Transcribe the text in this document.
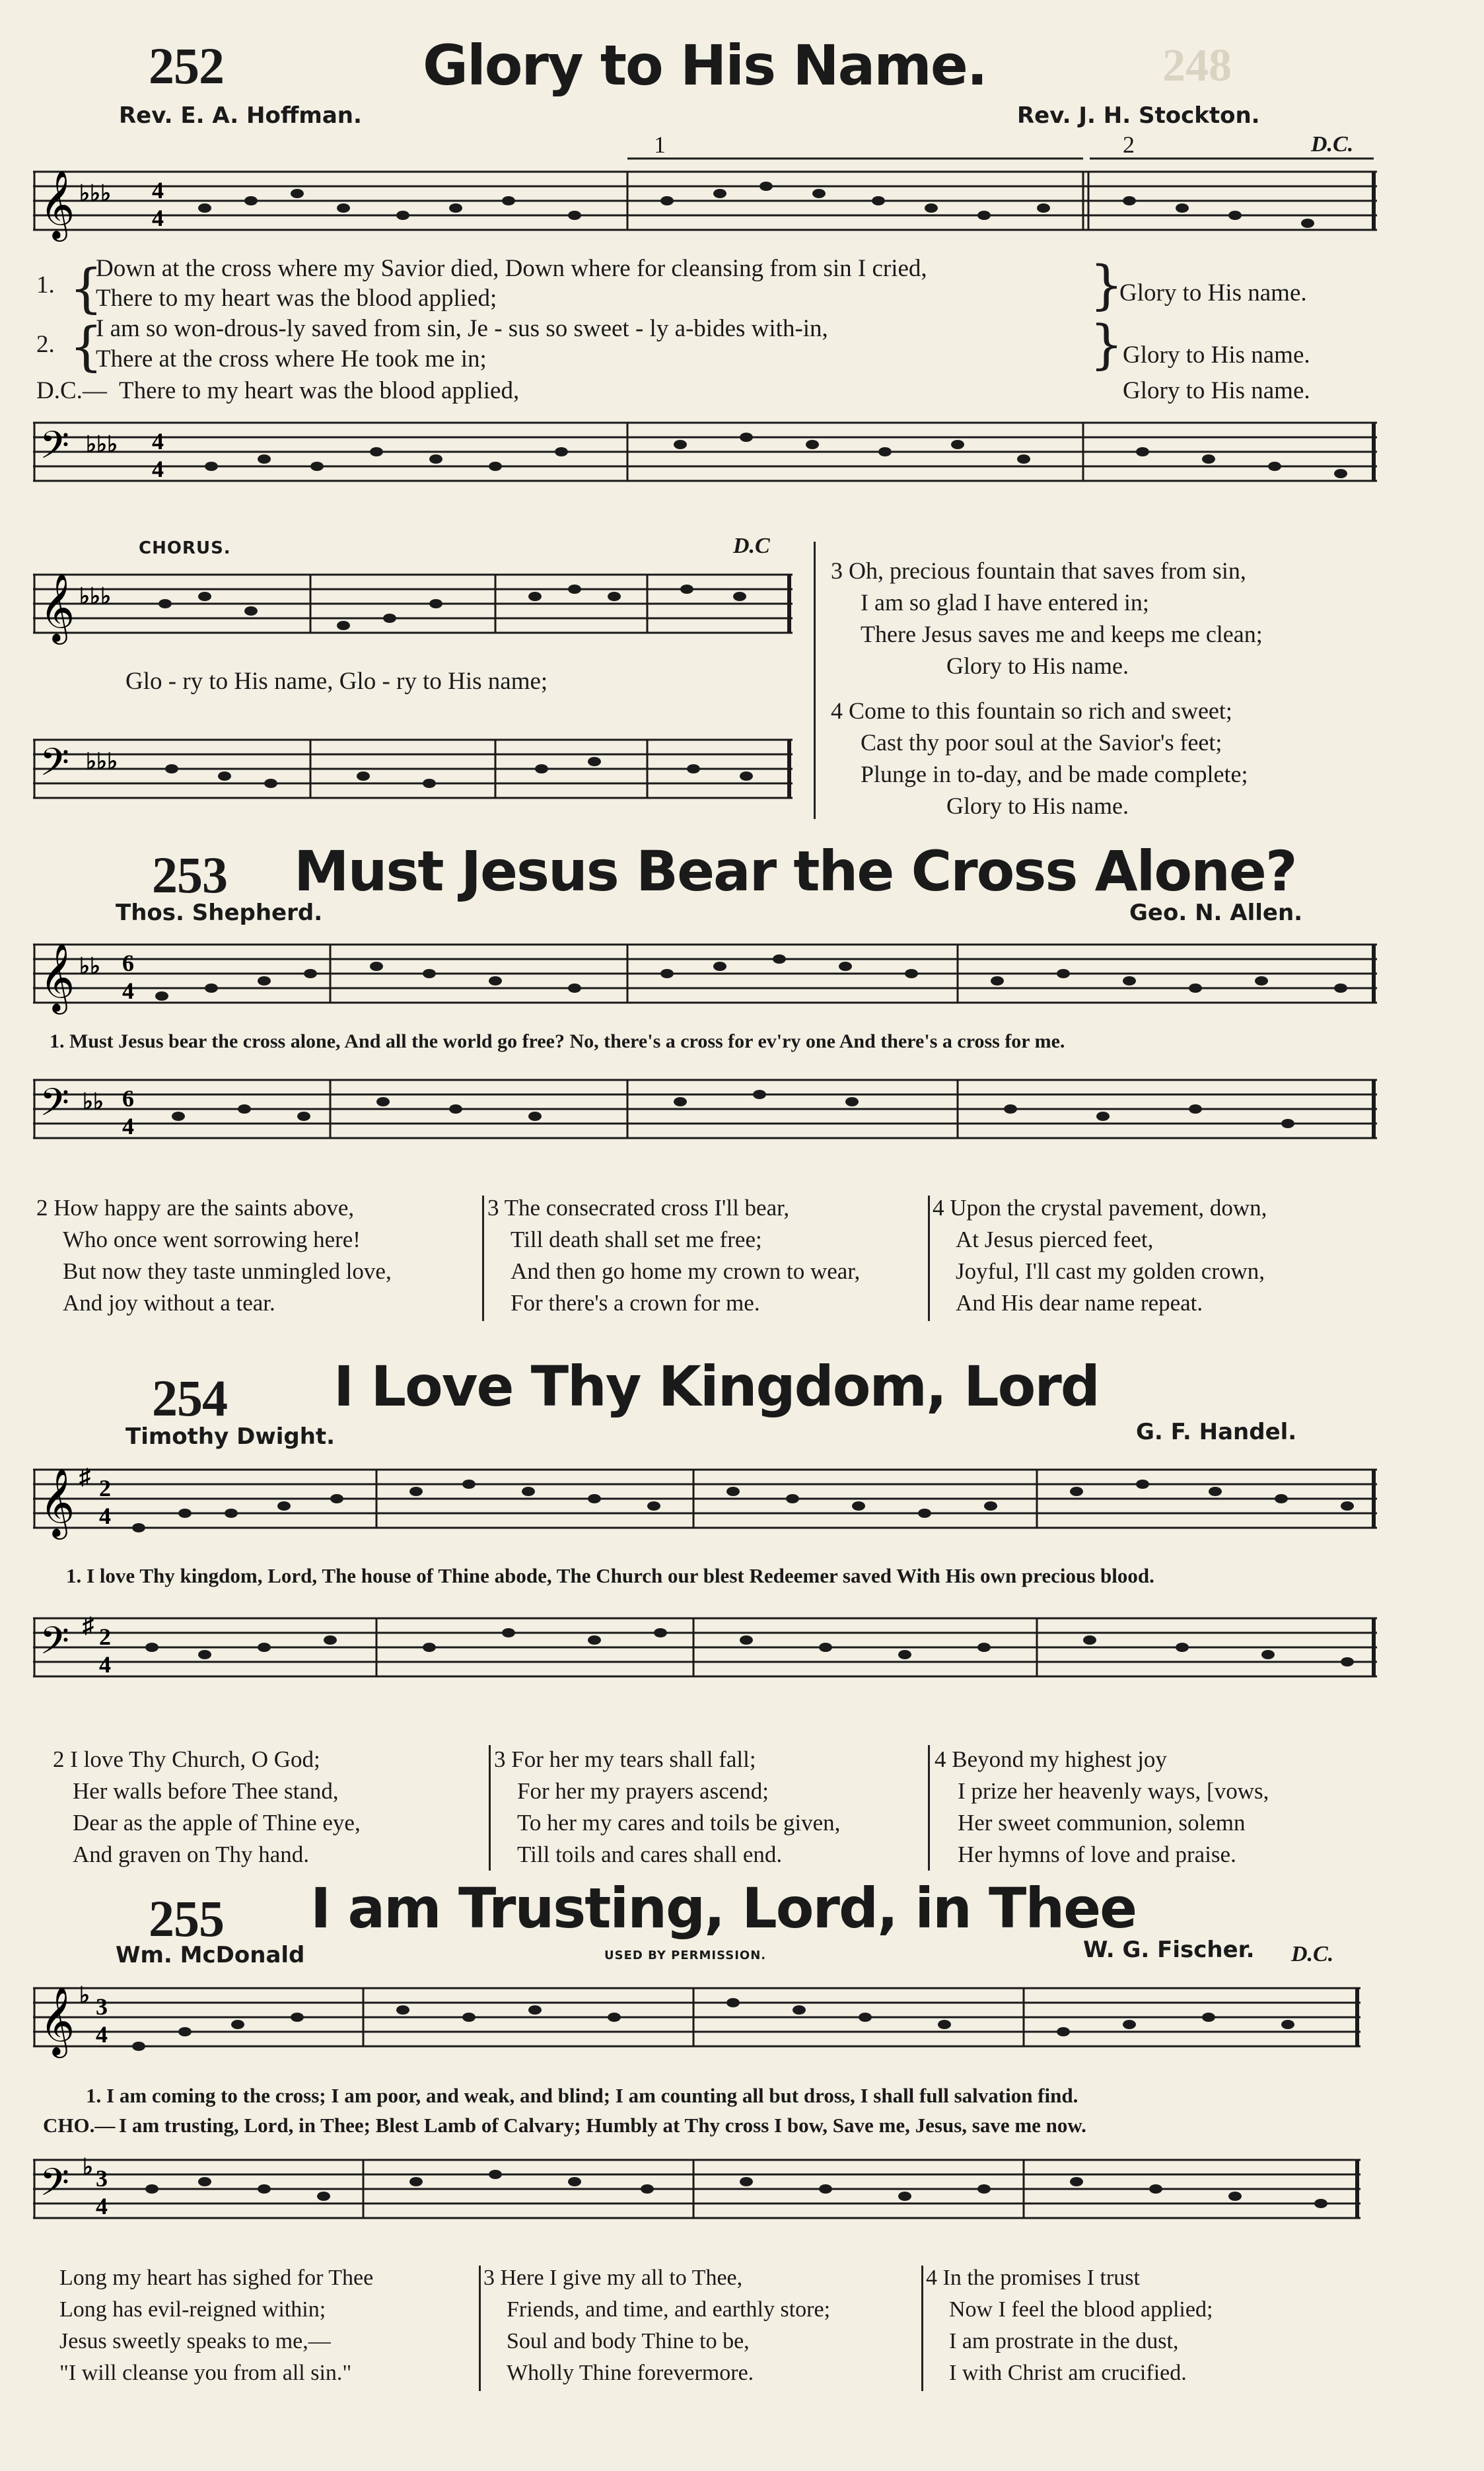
252	Glory to His Name.
Rev. E. A. Hoffman.	Rev. J. H. Stockton.
𝄞 ♭♭♭ 4
4
1	2	D.C.
1. {
Down at the cross where my Savior died, Down where for cleansing from sin I cried,
There to my heart was the blood applied;	}
Glory to His name.
2. {
I am so won-drous-ly saved from sin, Je - sus so sweet - ly a-bides with-in,
There at the cross where He took me in;	} Glory to His name.
D.C.— There to my heart was the blood applied,	Glory to His name.
𝄢 ♭♭♭ 4
4
CHORUS.	D.C
𝄞 ♭♭♭
Glo - ry to His name, Glo - ry to His name;
𝄢 ♭♭♭
3 Oh, precious fountain that saves from sin,
I am so glad I have entered in;
There Jesus saves me and keeps me clean;
Glory to His name.
4 Come to this fountain so rich and sweet;
Cast thy poor soul at the Savior's feet;
Plunge in to-day, and be made complete;
Glory to His name.
253 Must Jesus Bear the Cross Alone?
Thos. Shepherd.	Geo. N. Allen.
𝄞 ♭♭ 6
4
1. Must Jesus bear the cross alone, And all the world go free? No, there's a cross for ev'ry one And there's a cross for me.
𝄢 ♭♭ 6
4
2 How happy are the saints above,
Who once went sorrowing here!
But now they taste unmingled love,
And joy without a tear.
3 The consecrated cross I'll bear,
Till death shall set me free;
And then go home my crown to wear,
For there's a crown for me.
4 Upon the crystal pavement, down,
At Jesus pierced feet,
Joyful, I'll cast my golden crown,
And His dear name repeat.
254 I Love Thy Kingdom, Lord
Timothy Dwight.	G. F. Handel.
𝄞 ♯ 2
4
1. I love Thy kingdom, Lord, The house of Thine abode, The Church our blest Redeemer saved With His own precious blood.
𝄢 ♯ 2
4
2 I love Thy Church, O God;
Her walls before Thee stand,
Dear as the apple of Thine eye,
And graven on Thy hand.
3 For her my tears shall fall;
For her my prayers ascend;
To her my cares and toils be given,
Till toils and cares shall end.
4 Beyond my highest joy
I prize her heavenly ways, [vows,
Her sweet communion, solemn
Her hymns of love and praise.
255 I am Trusting, Lord, in Thee
Wm. McDonald	USED BY PERMISSION.	W. G. Fischer. D.C.
𝄞 ♭ 3
4
1. I am coming to the cross; I am poor, and weak, and blind; I am counting all but dross, I shall full salvation find.
CHO.— I am trusting, Lord, in Thee; Blest Lamb of Calvary; Humbly at Thy cross I bow, Save me, Jesus, save me now.
𝄢 ♭ 3
4
Long my heart has sighed for Thee
Long has evil-reigned within;
Jesus sweetly speaks to me,—
"I will cleanse you from all sin."
3 Here I give my all to Thee,
Friends, and time, and earthly store;
Soul and body Thine to be,
Wholly Thine forevermore.
4 In the promises I trust
Now I feel the blood applied;
I am prostrate in the dust,
I with Christ am crucified.
248
